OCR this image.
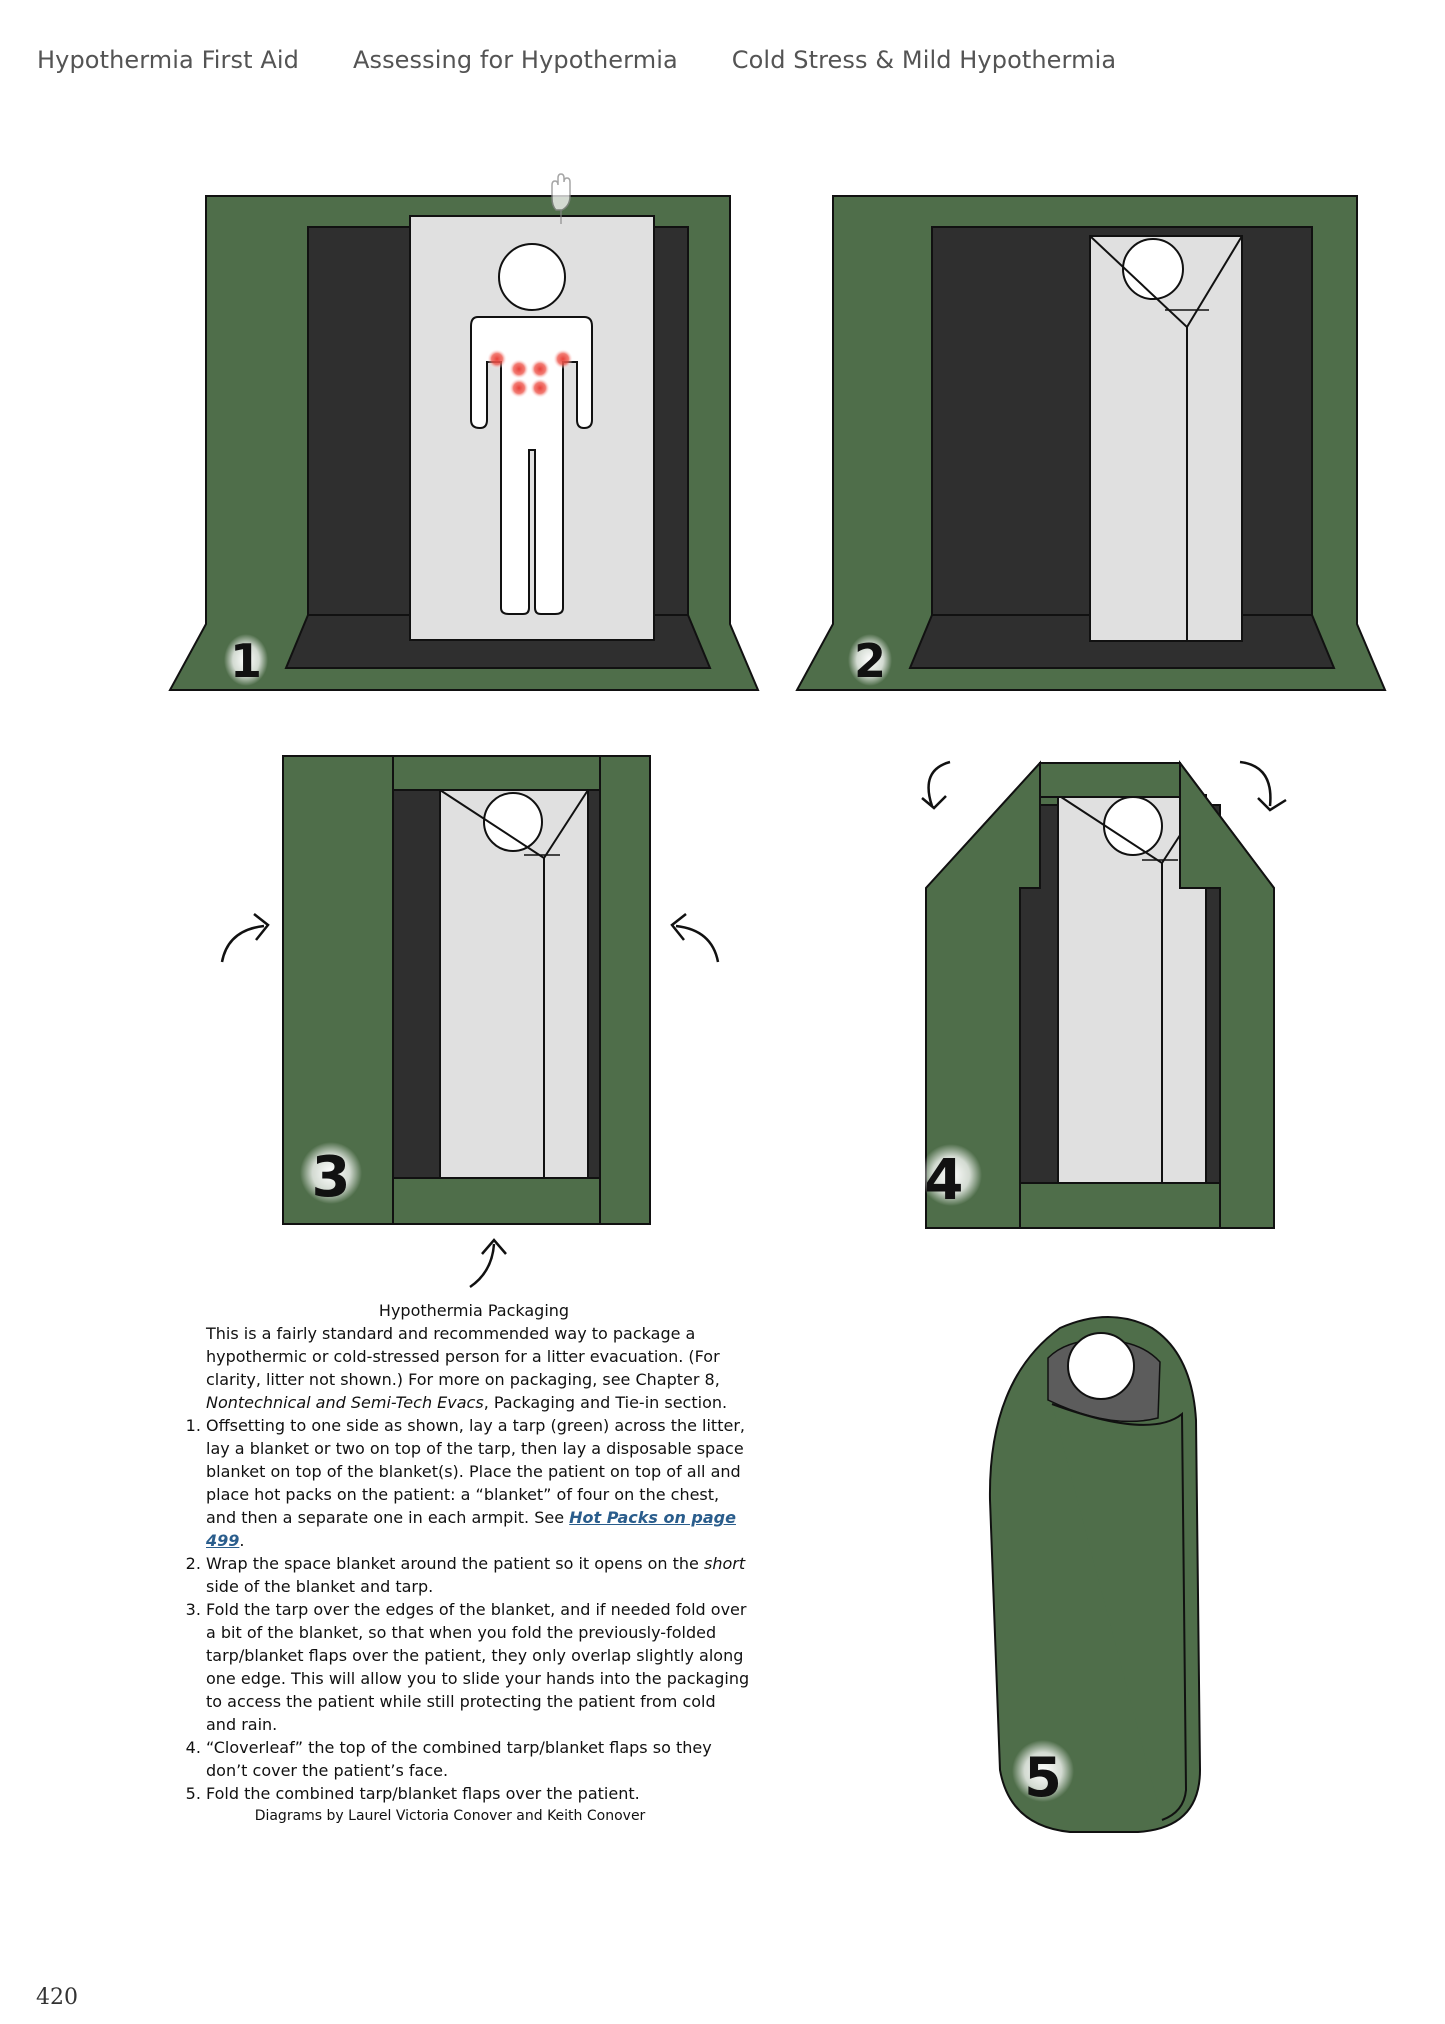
Hypothermia First Aid Assessing for Hypothermia Cold Stress & Mild Hypothermia
1	2
3	4
5

Hypothermia Packaging

This is a fairly standard and recommended way to package a hypothermic or cold-stressed person for a litter evacuation. (For clarity, litter not shown.) For more on packaging, see Chapter 8, Nontechnical and Semi-Tech Evacs, Packaging and Tie-in section.

1. Offsetting to one side as shown, lay a tarp (green) across the litter, lay a blanket or two on top of the tarp, then lay a disposable space blanket on top of the blanket(s). Place the patient on top of all and place hot packs on the patient: a “blanket” of four on the chest, and then a separate one in each armpit. See Hot Packs on page 499.
2. Wrap the space blanket around the patient so it opens on the short side of the blanket and tarp.
3. Fold the tarp over the edges of the blanket, and if needed fold over a bit of the blanket, so that when you fold the previously-folded tarp/blanket flaps over the patient, they only overlap slightly along one edge. This will allow you to slide your hands into the packaging to access the patient while still protecting the patient from cold and rain.
4. “Cloverleaf” the top of the combined tarp/blanket flaps so they don’t cover the patient’s face.
5. Fold the combined tarp/blanket flaps over the patient.

Diagrams by Laurel Victoria Conover and Keith Conover

420
